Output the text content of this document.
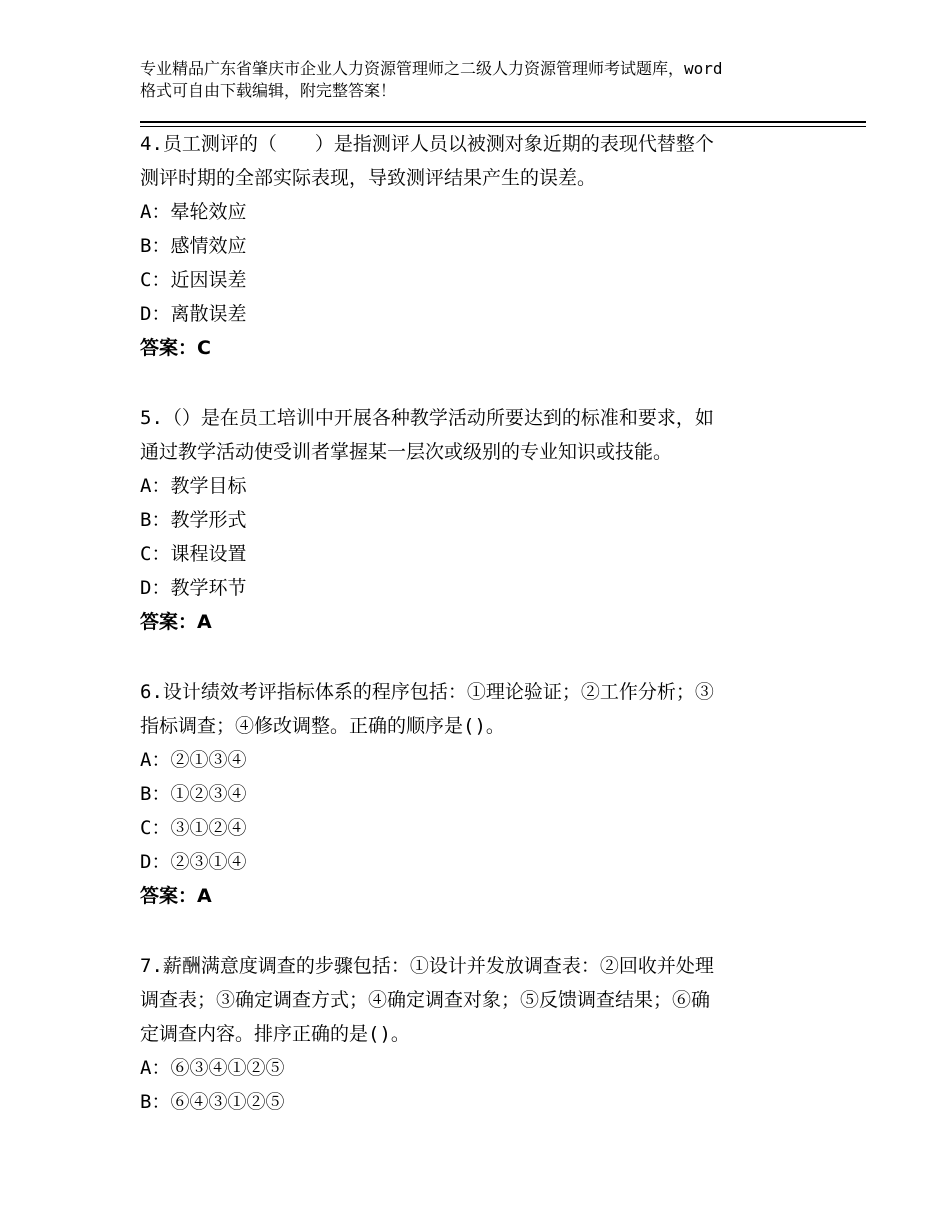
专业精品广东省肇庆市企业人力资源管理师之二级人力资源管理师考试题库，word
格式可自由下载编辑，附完整答案！
4.员工测评的（　　）是指测评人员以被测对象近期的表现代替整个
测评时期的全部实际表现，导致测评结果产生的误差。
A：晕轮效应
B：感情效应
C：近因误差
D：离散误差
答案：C
5.（）是在员工培训中开展各种教学活动所要达到的标准和要求，如
通过教学活动使受训者掌握某一层次或级别的专业知识或技能。
A：教学目标
B：教学形式
C：课程设置
D：教学环节
答案：A
6.设计绩效考评指标体系的程序包括：①理论验证；②工作分析；③
指标调查；④修改调整。正确的顺序是()。
A：②①③④
B：①②③④
C：③①②④
D：②③①④
答案：A
7.薪酬满意度调查的步骤包括：①设计并发放调查表：②回收并处理
调查表；③确定调查方式；④确定调查对象；⑤反馈调查结果；⑥确
定调查内容。排序正确的是()。
A：⑥③④①②⑤
B：⑥④③①②⑤
